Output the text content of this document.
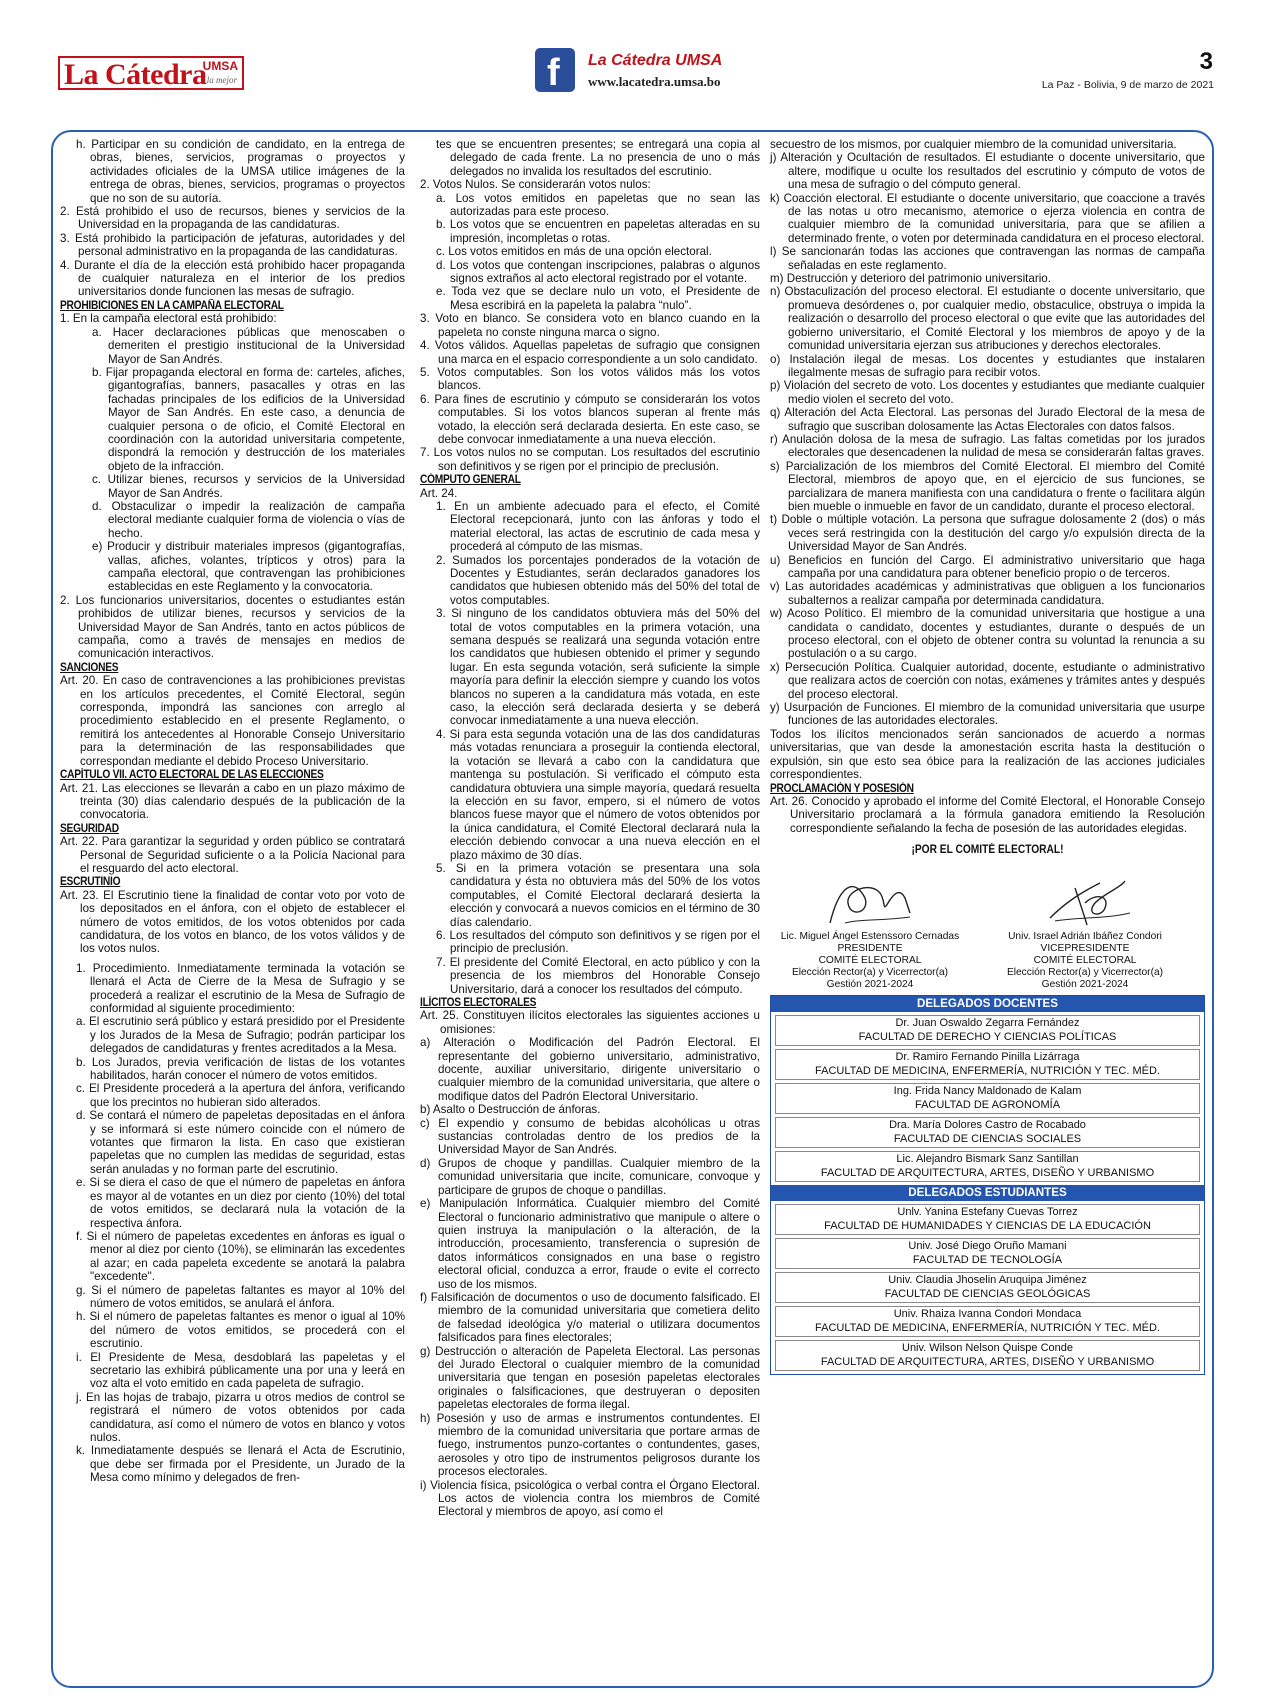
La Cátedra
UMSA
la mejor	f La Cátedra UMSA
www.lacatedra.umsa.bo
3
La Paz - Bolivia, 9 de marzo de 2021

h. Participar en su condición de candidato, en la entrega de obras, bienes, servicios, programas o proyectos y actividades oficiales de la UMSA utilice imágenes de la entrega de obras, bienes, servicios, programas o proyectos que no son de su autoría.

2. Está prohibido el uso de recursos, bienes y servicios de la Universidad en la propaganda de las candidaturas.

3. Está prohibido la participación de jefaturas, autoridades y del personal administrativo en la propaganda de las candidaturas.

4. Durante el día de la elección está prohibido hacer propaganda de cualquier naturaleza en el interior de los predios universitarios donde funcionen las mesas de sufragio.

PROHIBICIONES EN LA CAMPAÑA ELECTORAL

1. En la campaña electoral está prohibido:

a. Hacer declaraciones públicas que menoscaben o demeriten el prestigio institucional de la Universidad Mayor de San Andrés.

b. Fijar propaganda electoral en forma de: carteles, afiches, gigantografías, banners, pasacalles y otras en las fachadas principales de los edificios de la Universidad Mayor de San Andrés. En este caso, a denuncia de cualquier persona o de oficio, el Comité Electoral en coordinación con la autoridad universitaria competente, dispondrá la remoción y destrucción de los materiales objeto de la infracción.

c. Utilizar bienes, recursos y servicios de la Universidad Mayor de San Andrés.

d. Obstaculizar o impedir la realización de campaña electoral mediante cualquier forma de violencia o vías de hecho.

e) Producir y distribuir materiales impresos (gigantografías, vallas, afiches, volantes, trípticos y otros) para la campaña electoral, que contravengan las prohibiciones establecidas en este Reglamento y la convocatoria.

2. Los funcionarios universitarios, docentes o estudiantes están prohibidos de utilizar bienes, recursos y servicios de la Universidad Mayor de San Andrés, tanto en actos públicos de campaña, como a través de mensajes en medios de comunicación interactivos.

SANCIONES

Art. 20. En caso de contravenciones a las prohibiciones previstas en los artículos precedentes, el Comité Electoral, según corresponda, impondrá las sanciones con arreglo al procedimiento establecido en el presente Reglamento, o remitirá los antecedentes al Honorable Consejo Universitario para la determinación de las responsabilidades que correspondan mediante el debido Proceso Universitario.

CAPÍTULO VII. ACTO ELECTORAL DE LAS ELECCIONES

Art. 21. Las elecciones se llevarán a cabo en un plazo máximo de treinta (30) días calendario después de la publicación de la convocatoria.

SEGURIDAD

Art. 22. Para garantizar la seguridad y orden público se contratará Personal de Seguridad suficiente o a la Policía Nacional para el resguardo del acto electoral.

ESCRUTINIO

Art. 23. El Escrutinio tiene la finalidad de contar voto por voto de los depositados en el ánfora, con el objeto de establecer el número de votos emitidos, de los votos obtenidos por cada candidatura, de los votos en blanco, de los votos válidos y de los votos nulos.

1. Procedimiento. Inmediatamente terminada la votación se llenará el Acta de Cierre de la Mesa de Sufragio y se procederá a realizar el escrutinio de la Mesa de Sufragio de conformidad al siguiente procedimiento:

a. El escrutinio será público y estará presidido por el Presidente y los Jurados de la Mesa de Sufragio; podrán participar los delegados de candidaturas y frentes acreditados a la Mesa.

b. Los Jurados, previa verificación de listas de los votantes habilitados, harán conocer el número de votos emitidos.

c. El Presidente procederá a la apertura del ánfora, verificando que los precintos no hubieran sido alterados.

d. Se contará el número de papeletas depositadas en el ánfora y se informará si este número coincide con el número de votantes que firmaron la lista. En caso que existieran papeletas que no cumplen las medidas de seguridad, estas serán anuladas y no forman parte del escrutinio.

e. Si se diera el caso de que el número de papeletas en ánfora es mayor al de votantes en un diez por ciento (10%) del total de votos emitidos, se declarará nula la votación de la respectiva ánfora.

f. Si el número de papeletas excedentes en ánforas es igual o menor al diez por ciento (10%), se eliminarán las excedentes al azar; en cada papeleta excedente se anotará la palabra "excedente".

g. Si el número de papeletas faltantes es mayor al 10% del número de votos emitidos, se anulará el ánfora.

h. Si el número de papeletas faltantes es menor o igual al 10% del número de votos emitidos, se procederá con el escrutinio.

i. El Presidente de Mesa, desdoblará las papeletas y el secretario las exhibirá públicamente una por una y leerá en voz alta el voto emitido en cada papeleta de sufragio.

j. En las hojas de trabajo, pizarra u otros medios de control se registrará el número de votos obtenidos por cada candidatura, así como el número de votos en blanco y votos nulos.

k. Inmediatamente después se llenará el Acta de Escrutinio, que debe ser firmada por el Presidente, un Jurado de la Mesa como mínimo y delegados de fren-

tes que se encuentren presentes; se entregará una copia al delegado de cada frente. La no presencia de uno o más delegados no invalida los resultados del escrutinio.

2. Votos Nulos. Se considerarán votos nulos:

a. Los votos emitidos en papeletas que no sean las autorizadas para este proceso.

b. Los votos que se encuentren en papeletas alteradas en su impresión, incompletas o rotas.

c. Los votos emitidos en más de una opción electoral.

d. Los votos que contengan inscripciones, palabras o algunos signos extraños al acto electoral registrado por el votante.

e. Toda vez que se declare nulo un voto, el Presidente de Mesa escribirá en la papeleta la palabra “nulo”.

3. Voto en blanco. Se considera voto en blanco cuando en la papeleta no conste ninguna marca o signo.

4. Votos válidos. Aquellas papeletas de sufragio que consignen una marca en el espacio correspondiente a un solo candidato.

5. Votos computables. Son los votos válidos más los votos blancos.

6. Para fines de escrutinio y cómputo se considerarán los votos computables. Si los votos blancos superan al frente más votado, la elección será declarada desierta. En este caso, se debe convocar inmediatamente a una nueva elección.

7. Los votos nulos no se computan. Los resultados del escrutinio son definitivos y se rigen por el principio de preclusión.

CÓMPUTO GENERAL

Art. 24.

1. En un ambiente adecuado para el efecto, el Comité Electoral recepcionará, junto con las ánforas y todo el material electoral, las actas de escrutinio de cada mesa y procederá al cómputo de las mismas.

2. Sumados los porcentajes ponderados de la votación de Docentes y Estudiantes, serán declarados ganadores los candidatos que hubiesen obtenido más del 50% del total de votos computables.

3. Si ninguno de los candidatos obtuviera más del 50% del total de votos computables en la primera votación, una semana después se realizará una segunda votación entre los candidatos que hubiesen obtenido el primer y segundo lugar. En esta segunda votación, será suficiente la simple mayoría para definir la elección siempre y cuando los votos blancos no superen a la candidatura más votada, en este caso, la elección será declarada desierta y se deberá convocar inmediatamente a una nueva elección.

4. Si para esta segunda votación una de las dos candidaturas más votadas renunciara a proseguir la contienda electoral, la votación se llevará a cabo con la candidatura que mantenga su postulación. Si verificado el cómputo esta candidatura obtuviera una simple mayoría, quedará resuelta la elección en su favor, empero, si el número de votos blancos fuese mayor que el número de votos obtenidos por la única candidatura, el Comité Electoral declarará nula la elección debiendo convocar a una nueva elección en el plazo máximo de 30 días.

5. Si en la primera votación se presentara una sola candidatura y ésta no obtuviera más del 50% de los votos computables, el Comité Electoral declarará desierta la elección y convocará a nuevos comicios en el término de 30 días calendario.

6. Los resultados del cómputo son definitivos y se rigen por el principio de preclusión.

7. El presidente del Comité Electoral, en acto público y con la presencia de los miembros del Honorable Consejo Universitario, dará a conocer los resultados del cómputo.

ILÍCITOS ELECTORALES

Art. 25. Constituyen ilícitos electorales las siguientes acciones u omisiones:

a) Alteración o Modificación del Padrón Electoral. El representante del gobierno universitario, administrativo, docente, auxiliar universitario, dirigente universitario o cualquier miembro de la comunidad universitaria, que altere o modifique datos del Padrón Electoral Universitario.

b) Asalto o Destrucción de ánforas.

c) El expendio y consumo de bebidas alcohólicas u otras sustancias controladas dentro de los predios de la Universidad Mayor de San Andrés.

d) Grupos de choque y pandillas. Cualquier miembro de la comunidad universitaria que incite, comunicare, convoque y participare de grupos de choque o pandillas.

e) Manipulación Informática. Cualquier miembro del Comité Electoral o funcionario administrativo que manipule o altere o quien instruya la manipulación o la alteración, de la introducción, procesamiento, transferencia o supresión de datos informáticos consignados en una base o registro electoral oficial, conduzca a error, fraude o evite el correcto uso de los mismos.

f) Falsificación de documentos o uso de documento falsificado. El miembro de la comunidad universitaria que cometiera delito de falsedad ideológica y/o material o utilizara documentos falsificados para fines electorales;

g) Destrucción o alteración de Papeleta Electoral. Las personas del Jurado Electoral o cualquier miembro de la comunidad universitaria que tengan en posesión papeletas electorales originales o falsificaciones, que destruyeran o depositen papeletas electorales de forma ilegal.

h) Posesión y uso de armas e instrumentos contundentes. El miembro de la comunidad universitaria que portare armas de fuego, instrumentos punzo-cortantes o contundentes, gases, aerosoles y otro tipo de instrumentos peligrosos durante los procesos electorales.

i) Violencia física, psicológica o verbal contra el Órgano Electoral. Los actos de violencia contra los miembros de Comité Electoral y miembros de apoyo, así como el

secuestro de los mismos, por cualquier miembro de la comunidad universitaria.

j) Alteración y Ocultación de resultados. El estudiante o docente universitario, que altere, modifique u oculte los resultados del escrutinio y cómputo de votos de una mesa de sufragio o del cómputo general.

k) Coacción electoral. El estudiante o docente universitario, que coaccione a través de las notas u otro mecanismo, atemorice o ejerza violencia en contra de cualquier miembro de la comunidad universitaria, para que se afilien a determinado frente, o voten por determinada candidatura en el proceso electoral.

l) Se sancionarán todas las acciones que contravengan las normas de campaña señaladas en este reglamento.

m) Destrucción y deterioro del patrimonio universitario.

n) Obstaculización del proceso electoral. El estudiante o docente universitario, que promueva desórdenes o, por cualquier medio, obstaculice, obstruya o impida la realización o desarrollo del proceso electoral o que evite que las autoridades del gobierno universitario, el Comité Electoral y los miembros de apoyo y de la comunidad universitaria ejerzan sus atribuciones y derechos electorales.

o) Instalación ilegal de mesas. Los docentes y estudiantes que instalaren ilegalmente mesas de sufragio para recibir votos.

p) Violación del secreto de voto. Los docentes y estudiantes que mediante cualquier medio violen el secreto del voto.

q) Alteración del Acta Electoral. Las personas del Jurado Electoral de la mesa de sufragio que suscriban dolosamente las Actas Electorales con datos falsos.

r) Anulación dolosa de la mesa de sufragio. Las faltas cometidas por los jurados electorales que desencadenen la nulidad de mesa se considerarán faltas graves.

s) Parcialización de los miembros del Comité Electoral. El miembro del Comité Electoral, miembros de apoyo que, en el ejercicio de sus funciones, se parcializara de manera manifiesta con una candidatura o frente o facilitara algún bien mueble o inmueble en favor de un candidato, durante el proceso electoral.

t) Doble o múltiple votación. La persona que sufrague dolosamente 2 (dos) o más veces será restringida con la destitución del cargo y/o expulsión directa de la Universidad Mayor de San Andrés.

u) Beneficios en función del Cargo. El administrativo universitario que haga campaña por una candidatura para obtener beneficio propio o de terceros.

v) Las autoridades académicas y administrativas que obliguen a los funcionarios subalternos a realizar campaña por determinada candidatura.

w) Acoso Político. El miembro de la comunidad universitaria que hostigue a una candidata o candidato, docentes y estudiantes, durante o después de un proceso electoral, con el objeto de obtener contra su voluntad la renuncia a su postulación o a su cargo.

x) Persecución Política. Cualquier autoridad, docente, estudiante o administrativo que realizara actos de coerción con notas, exámenes y trámites antes y después del proceso electoral.

y) Usurpación de Funciones. El miembro de la comunidad universitaria que usurpe funciones de las autoridades electorales.

Todos los ilícitos mencionados serán sancionados de acuerdo a normas universitarias, que van desde la amonestación escrita hasta la destitución o expulsión, sin que esto sea óbice para la realización de las acciones judiciales correspondientes.

PROCLAMACIÓN Y POSESIÓN

Art. 26. Conocido y aprobado el informe del Comité Electoral, el Honorable Consejo Universitario proclamará a la fórmula ganadora emitiendo la Resolución correspondiente señalando la fecha de posesión de las autoridades elegidas.

¡POR EL COMITÉ ELECTORAL!
Lic. Miguel Ángel Estenssoro Cernadas
PRESIDENTE
COMITÉ ELECTORAL
Elección Rector(a) y Vicerrector(a)
Gestión 2021-2024
Univ. Israel Adrián Ibáñez Condori
VICEPRESIDENTE
COMITÉ ELECTORAL
Elección Rector(a) y Vicerrector(a)
Gestión 2021-2024
DELEGADOS DOCENTES
Dr. Juan Oswaldo Zegarra Fernández
FACULTAD DE DERECHO Y CIENCIAS POLÍTICAS
Dr. Ramiro Fernando Pinilla Lizárraga
FACULTAD DE MEDICINA, ENFERMERÍA, NUTRICIÓN Y TEC. MÉD.
Ing. Frida Nancy Maldonado de Kalam
FACULTAD DE AGRONOMÍA
Dra. María Dolores Castro de Rocabado
FACULTAD DE CIENCIAS SOCIALES
Lic. Alejandro Bismark Sanz Santillan
FACULTAD DE ARQUITECTURA, ARTES, DISEÑO Y URBANISMO
DELEGADOS ESTUDIANTES
Unlv. Yanina Estefany Cuevas Torrez
FACULTAD DE HUMANIDADES Y CIENCIAS DE LA EDUCACIÓN
Univ. José Diego Oruño Mamani
FACULTAD DE TECNOLOGÍA
Univ. Claudia Jhoselin Aruquipa Jiménez
FACULTAD DE CIENCIAS GEOLÓGICAS
Univ. Rhaiza Ivanna Condori Mondaca
FACULTAD DE MEDICINA, ENFERMERÍA, NUTRICIÓN Y TEC. MÉD.
Univ. Wilson Nelson Quispe Conde
FACULTAD DE ARQUITECTURA, ARTES, DISEÑO Y URBANISMO
